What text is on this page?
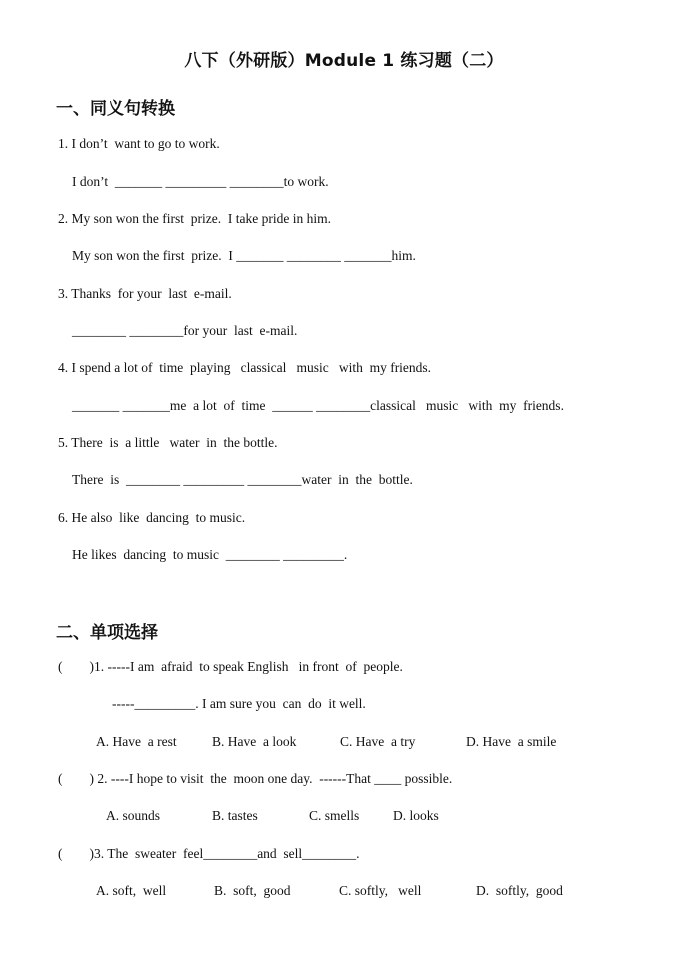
八下（外研版）Module 1 练习题（二）
一、同义句转换
1. I don’t  want to go to work.
I don’t  _______ _________ ________to work.
2. My son won the first  prize.  I take pride in him.
My son won the first  prize.  I _______ ________ _______him.
3. Thanks  for your  last  e-mail.
________ ________for your  last  e-mail.
4. I spend a lot of  time  playing   classical   music   with  my friends.
_______ _______me  a lot  of  time  ______ ________classical   music   with  my  friends.
5. There  is  a little   water  in  the bottle.
There  is  ________ _________ ________water  in  the  bottle.
6. He also  like  dancing  to music.
He likes  dancing  to music  ________ _________.
二、单项选择
(        )1. -----I am  afraid  to speak English   in front  of  people.
-----_________. I am sure you  can  do  it well.
A. Have  a rest	B. Have  a look	C. Have  a try	D. Have  a smile
(        ) 2. ----I hope to visit  the  moon one day.  ------That ____ possible.
A. sounds	B. tastes	C. smells D. looks
(        )3. The  sweater  feel________and  sell________.
A. soft,  well	B.  soft,  good	C. softly,   well	D.  softly,  good
